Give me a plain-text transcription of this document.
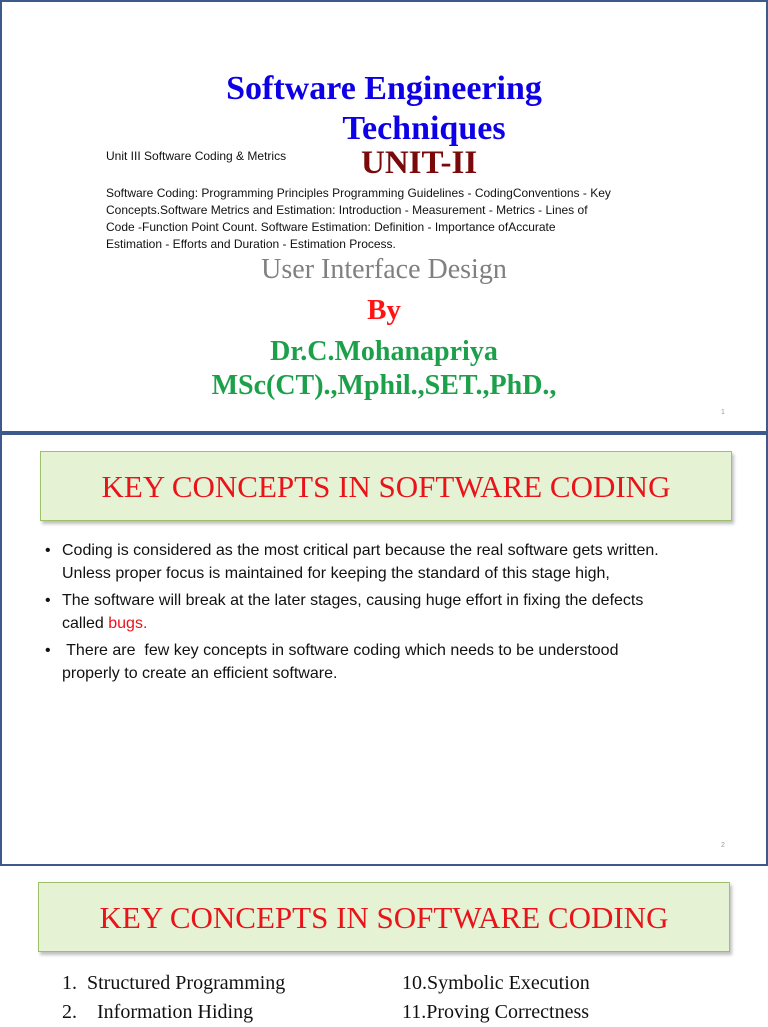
Software Engineering

Techniques

Unit III Software Coding & Metrics UNIT-II

Software Coding: Programming Principles Programming Guidelines - CodingConventions - Key
Concepts.Software Metrics and Estimation: Introduction - Measurement - Metrics - Lines of
Code -Function Point Count. Software Estimation: Definition - Importance ofAccurate
Estimation - Efforts and Duration - Estimation Process.

User Interface Design

By

Dr.C.Mohanapriya

MSc(CT).,Mphil.,SET.,PhD.,

1
KEY CONCEPTS IN SOFTWARE CODING
• Coding is considered as the most critical part because the real software gets written.
Unless proper focus is maintained for keeping the standard of this stage high,
• The software will break at the later stages, causing huge effort in fixing the defects
called bugs.
• There are  few key concepts in software coding which needs to be understood
properly to create an efficient software.
2
KEY CONCEPTS IN SOFTWARE CODING
1.  Structured Programming
2.    Information Hiding
10.Symbolic Execution
11.Proving Correctness
